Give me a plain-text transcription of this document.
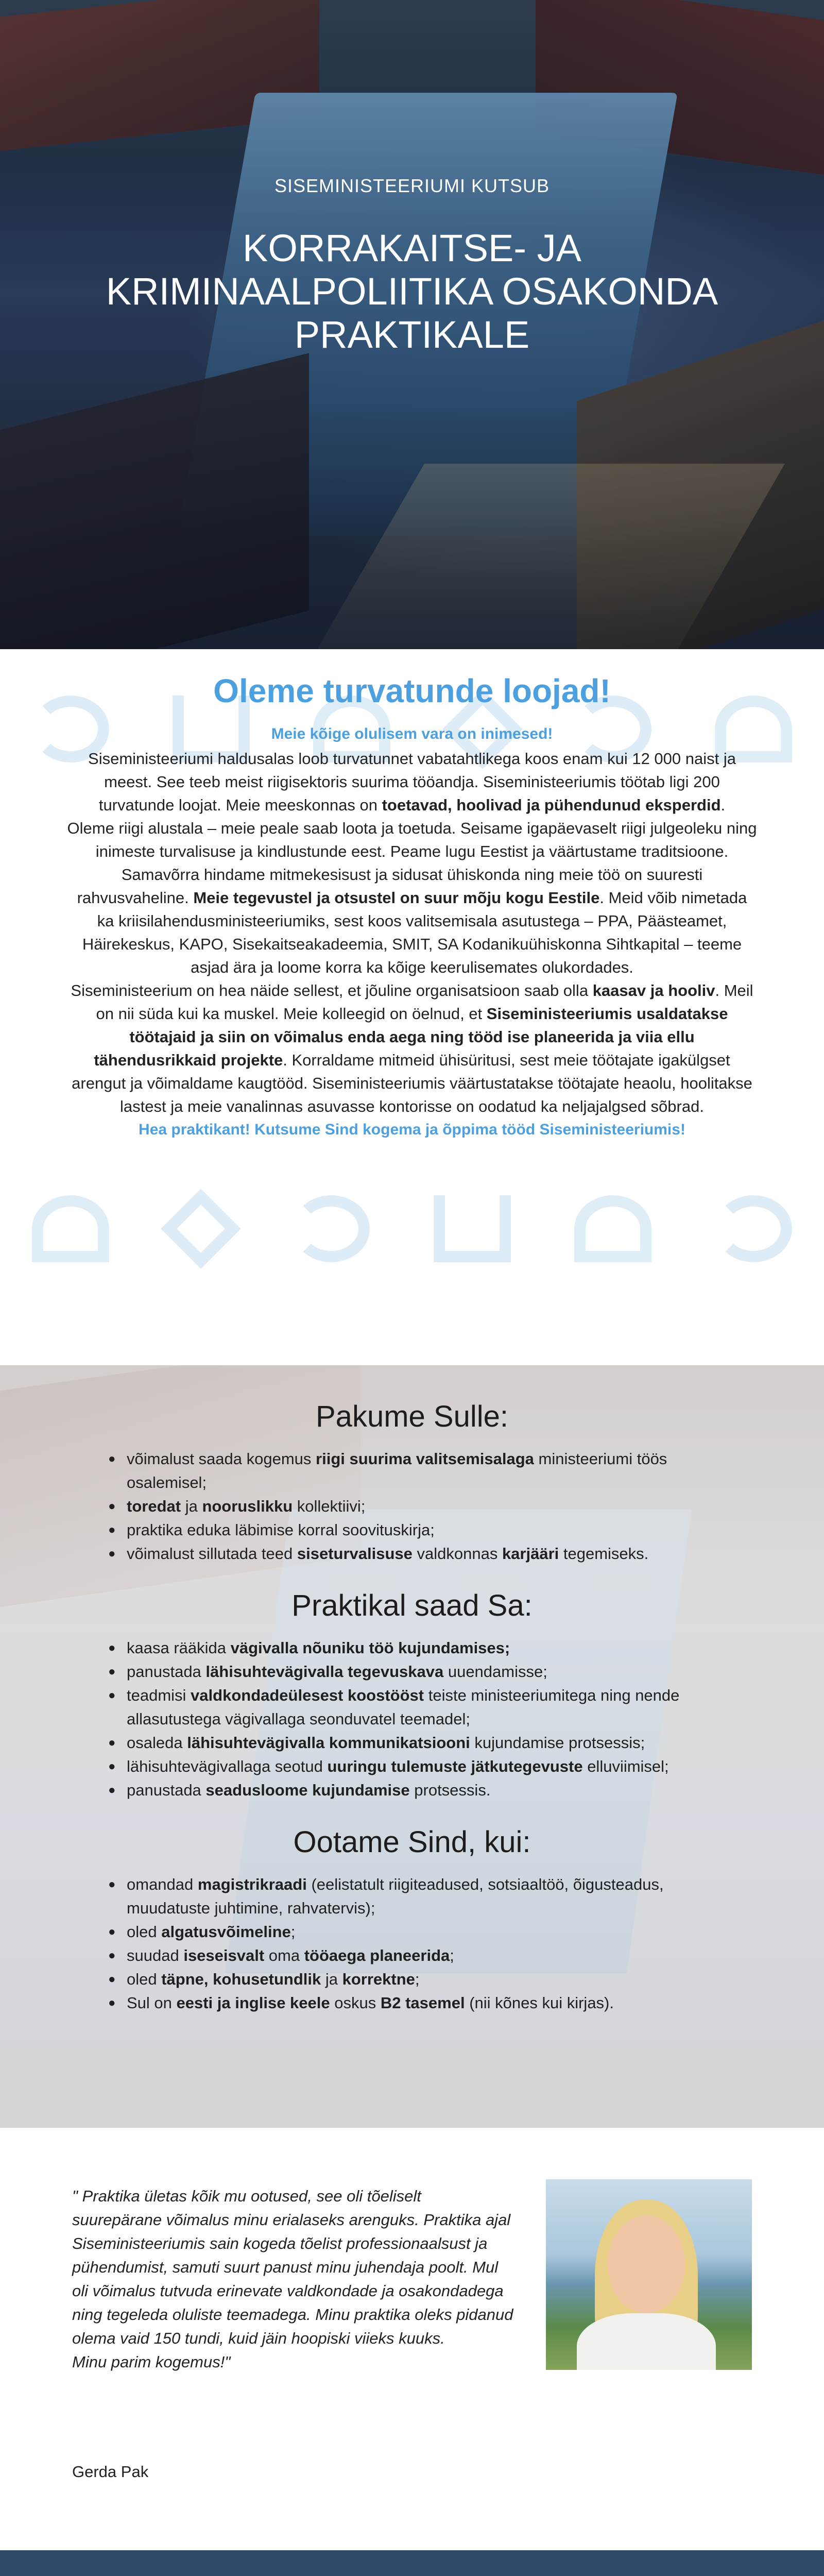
SISEMINISTEERIUMI KUTSUB
KORRAKAITSE- JA KRIMINAALPOLIITIKA OSAKONDA PRAKTIKALE
Oleme turvatunde loojad!
Meie kõige olulisem vara on inimesed!

Siseministeeriumi haldusalas loob turvatunnet vabatahtlikega koos enam kui 12 000 naist ja meest. See teeb meist riigisektoris suurima tööandja. Siseministeeriumis töötab ligi 200 turvatunde loojat. Meie meeskonnas on toetavad, hoolivad ja pühendunud eksperdid.

Oleme riigi alustala – meie peale saab loota ja toetuda. Seisame igapäevaselt riigi julgeoleku ning inimeste turvalisuse ja kindlustunde eest. Peame lugu Eestist ja väärtustame traditsioone. Samavõrra hindame mitmekesisust ja sidusat ühiskonda ning meie töö on suuresti rahvusvaheline. Meie tegevustel ja otsustel on suur mõju kogu Eestile. Meid võib nimetada ka kriisilahendusministeeriumiks, sest koos valitsemisala asutustega – PPA, Päästeamet, Häirekeskus, KAPO, Sisekaitseakadeemia, SMIT, SA Kodanikuühiskonna Sihtkapital – teeme asjad ära ja loome korra ka kõige keerulisemates olukordades.

Siseministeerium on hea näide sellest, et jõuline organisatsioon saab olla kaasav ja hooliv. Meil on nii süda kui ka muskel. Meie kolleegid on öelnud, et Siseministeeriumis usaldatakse töötajaid ja siin on võimalus enda aega ning tööd ise planeerida ja viia ellu tähendusrikkaid projekte. Korraldame mitmeid ühisüritusi, sest meie töötajate igakülgset arengut ja võimaldame kaugtööd. Siseministeeriumis väärtustatakse töötajate heaolu, hoolitakse lastest ja meie vanalinnas asuvasse kontorisse on oodatud ka neljajalgsed sõbrad.

Hea praktikant! Kutsume Sind kogema ja õppima tööd Siseministeeriumis!
Pakume Sulle:
● võimalust saada kogemus riigi suurima valitsemisalaga ministeeriumi töös osalemisel;
● toredat ja nooruslikku kollektiivi;
● praktika eduka läbimise korral soovituskirja;
● võimalust sillutada teed siseturvalisuse valdkonnas karjääri tegemiseks.
Praktikal saad Sa:
● kaasa rääkida vägivalla nõuniku töö kujundamises;
● panustada lähisuhtevägivalla tegevuskava uuendamisse;
● teadmisi valdkondadeülesest koostööst teiste ministeeriumitega ning nende allasutustega vägivallaga seonduvatel teemadel;
● osaleda lähisuhtevägivalla kommunikatsiooni kujundamise protsessis;
● lähisuhtevägivallaga seotud uuringu tulemuste jätkutegevuste elluviimisel;
● panustada seadusloome kujundamise protsessis.
Ootame Sind, kui:
● omandad magistrikraadi (eelistatult riigiteadused, sotsiaaltöö, õigusteadus, muudatuste juhtimine, rahvatervis);
● oled algatusvõimeline;
● suudad iseseisvalt oma tööaega planeerida;
● oled täpne, kohusetundlik ja korrektne;
● Sul on eesti ja inglise keele oskus B2 tasemel (nii kõnes kui kirjas).
" Praktika ületas kõik mu ootused, see oli tõeliselt suurepärane võimalus minu erialaseks arenguks. Praktika ajal Siseministeeriumis sain kogeda tõelist professionaalsust ja pühendumist, samuti suurt panust minu juhendaja poolt. Mul oli võimalus tutvuda erinevate valdkondade ja osakondadega ning tegeleda oluliste teemadega. Minu praktika oleks pidanud olema vaid 150 tundi, kuid jäin hoopiski viieks kuuks.
Minu parim kogemus!"
Gerda Pak
